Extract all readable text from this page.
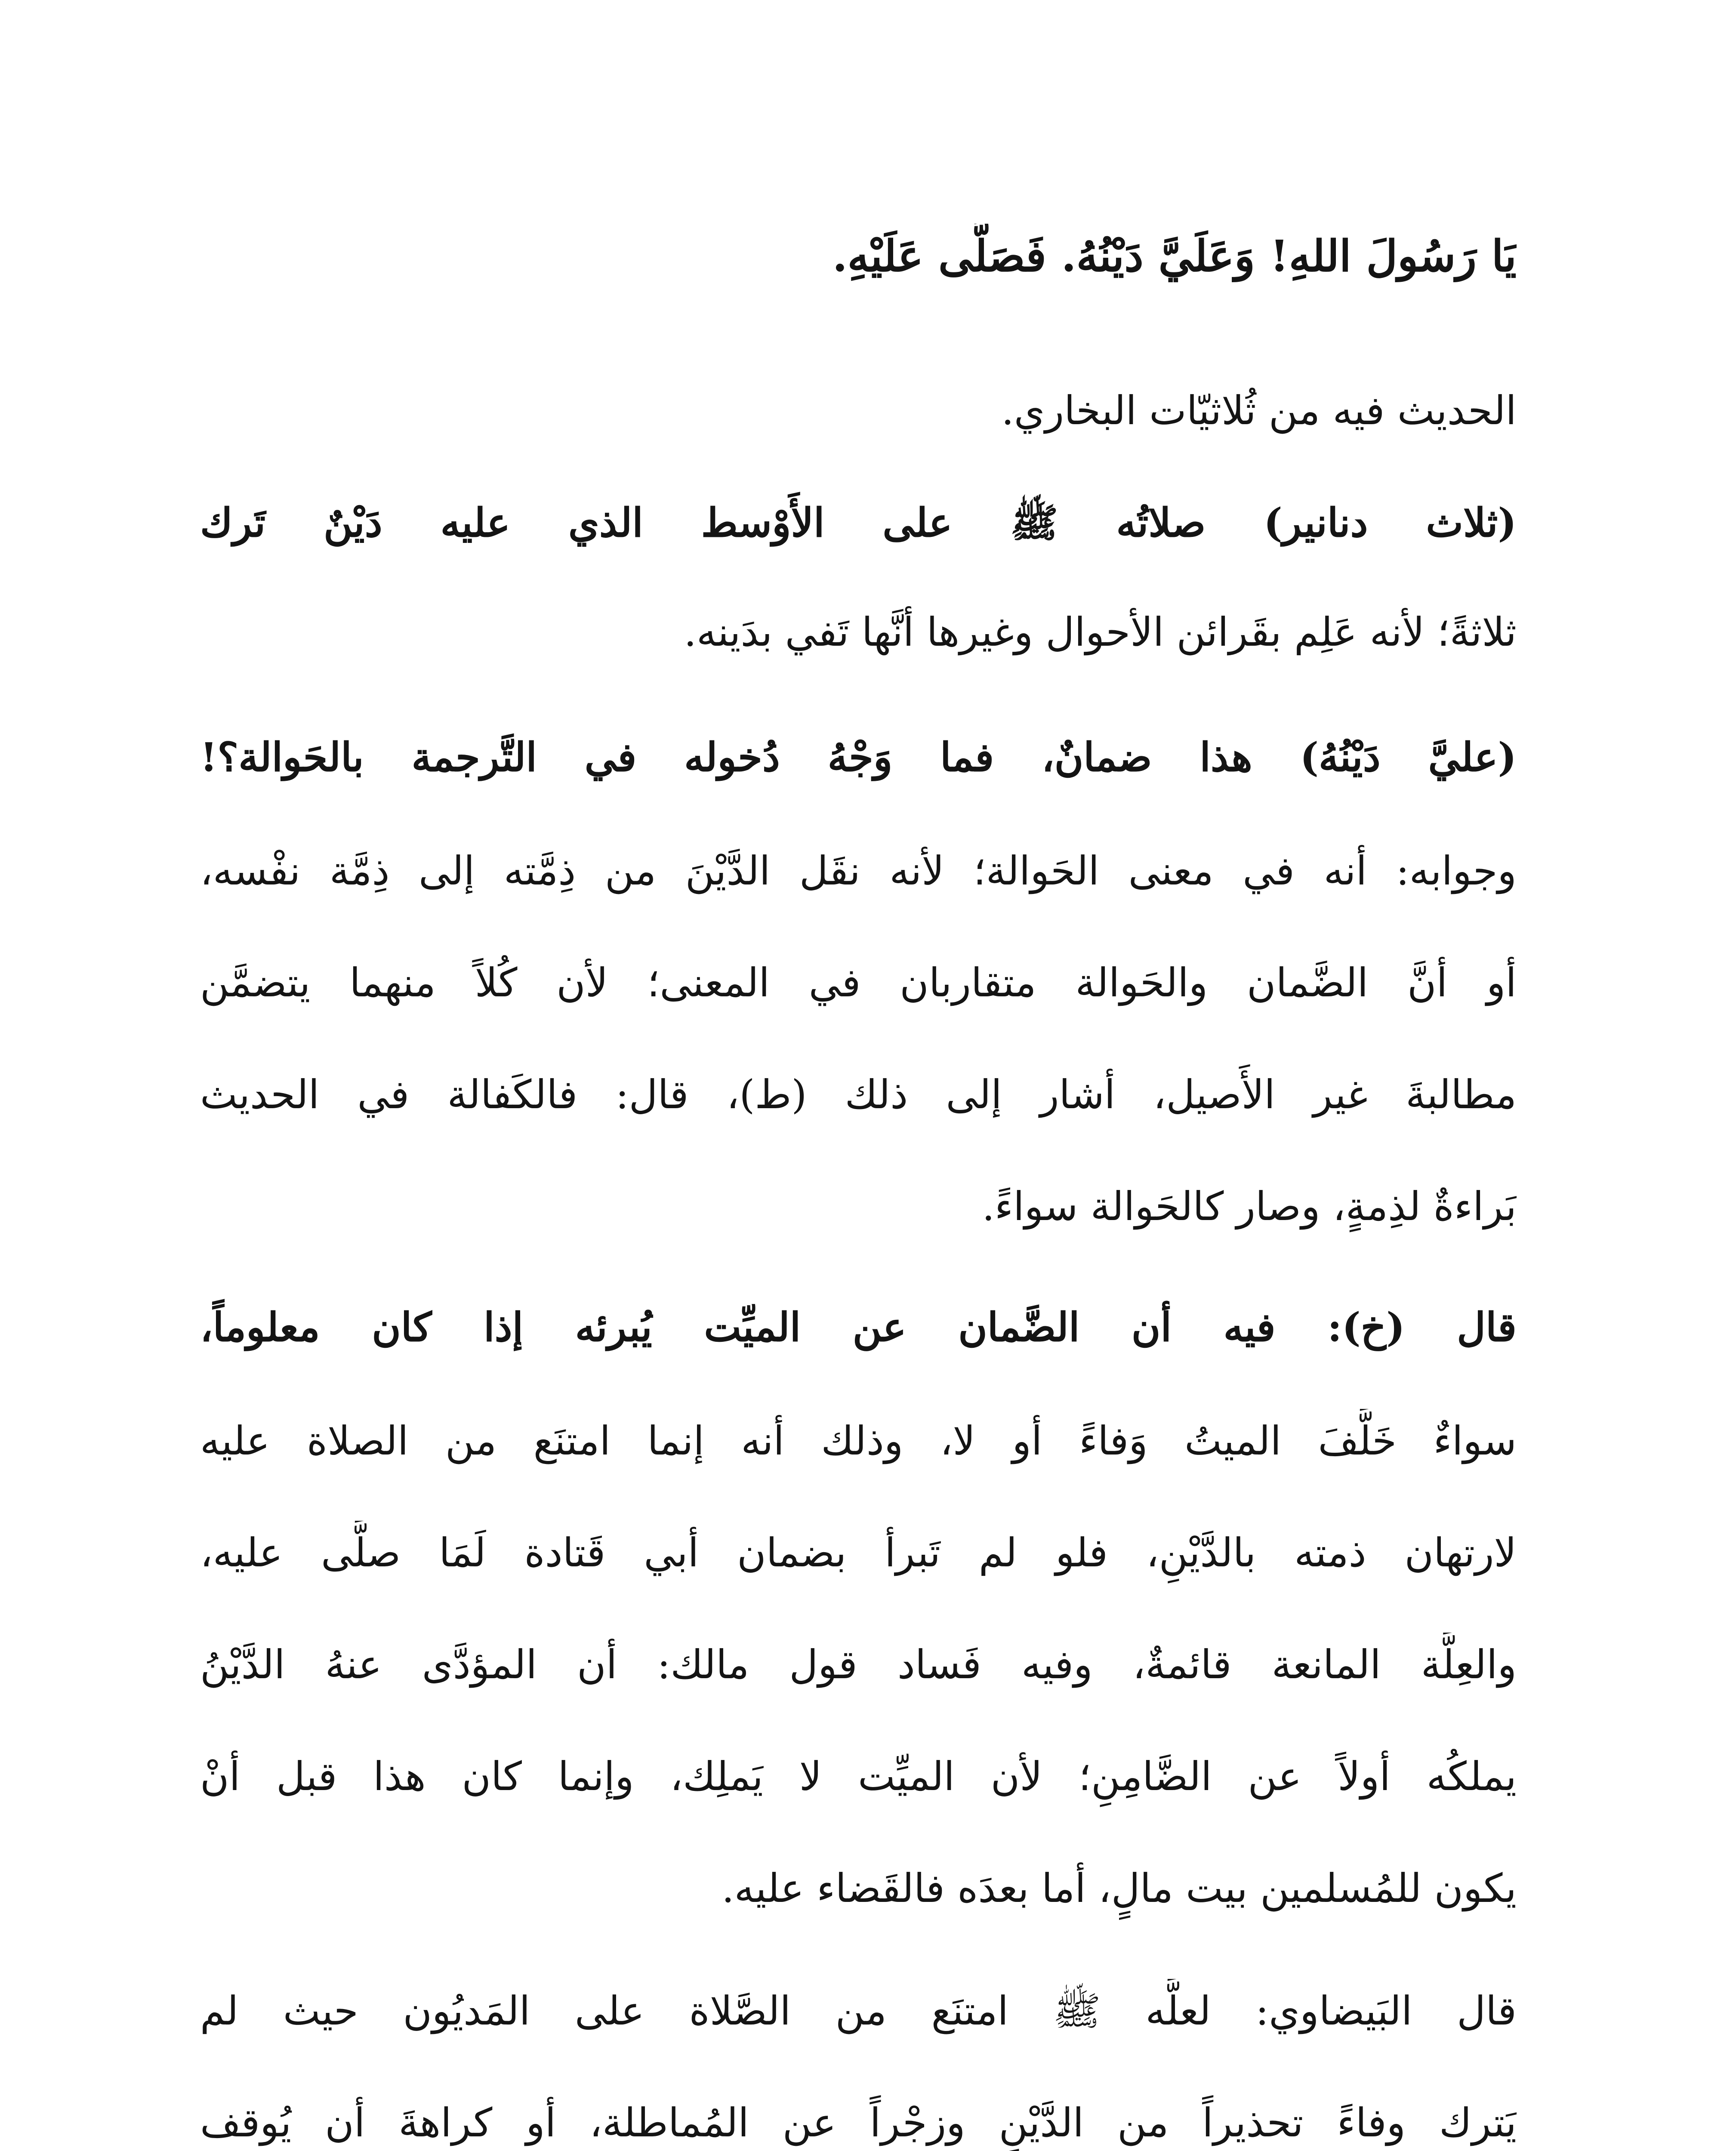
يَا رَسُولَ اللهِ! وَعَلَيَّ دَيْنُهُ. فَصَلَّى عَلَيْهِ.
الحديث فيه من ثُلاثيّات البخاري.
(ثلاث دنانير) صلاتُه ﷺ على الأَوْسط الذي عليه دَيْنٌ تَرك
ثلاثةً؛ لأنه عَلِم بقَرائن الأحوال وغيرها أنَّها تَفي بدَينه.
(عليَّ دَيْنُهُ) هذا ضمانٌ، فما وَجْهُ دُخوله في التَّرجمة بالحَوالة؟!
وجوابه: أنه في معنى الحَوالة؛ لأنه نقَل الدَّيْنَ من ذِمَّته إلى ذِمَّة نفْسه،
أو أنَّ الضَّمان والحَوالة متقاربان في المعنى؛ لأن كُلاً منهما يتضمَّن
مطالبةَ غير الأَصيل، أشار إلى ذلك (ط)، قال: فالكَفالة في الحديث
بَراءةٌ لذِمةٍ، وصار كالحَوالة سواءً.
قال (خ): فيه أن الضَّمان عن الميِّت يُبرئه إذا كان معلوماً،
سواءٌ خَلَّفَ الميتُ وَفاءً أو لا، وذلك أنه إنما امتنَع من الصلاة عليه
لارتهان ذمته بالدَّيْنِ، فلو لم تَبرأ بضمان أبي قَتادة لَمَا صلَّى عليه،
والعِلَّة المانعة قائمةٌ، وفيه فَساد قول مالك: أن المؤدَّى عنهُ الدَّيْنُ
يملكُه أولاً عن الضَّامِنِ؛ لأن الميِّت لا يَملِك، وإنما كان هذا قبل أنْ
يكون للمُسلمين بيت مالٍ، أما بعدَه فالقَضاء عليه.
قال البَيضاوي: لعلَّه ﷺ امتنَع من الصَّلاة على المَديُون حيث لم
يَترك وفاءً تحذيراً من الدَّيْنِ وزجْراً عن المُماطلة، أو كراهةَ أن يُوقف
